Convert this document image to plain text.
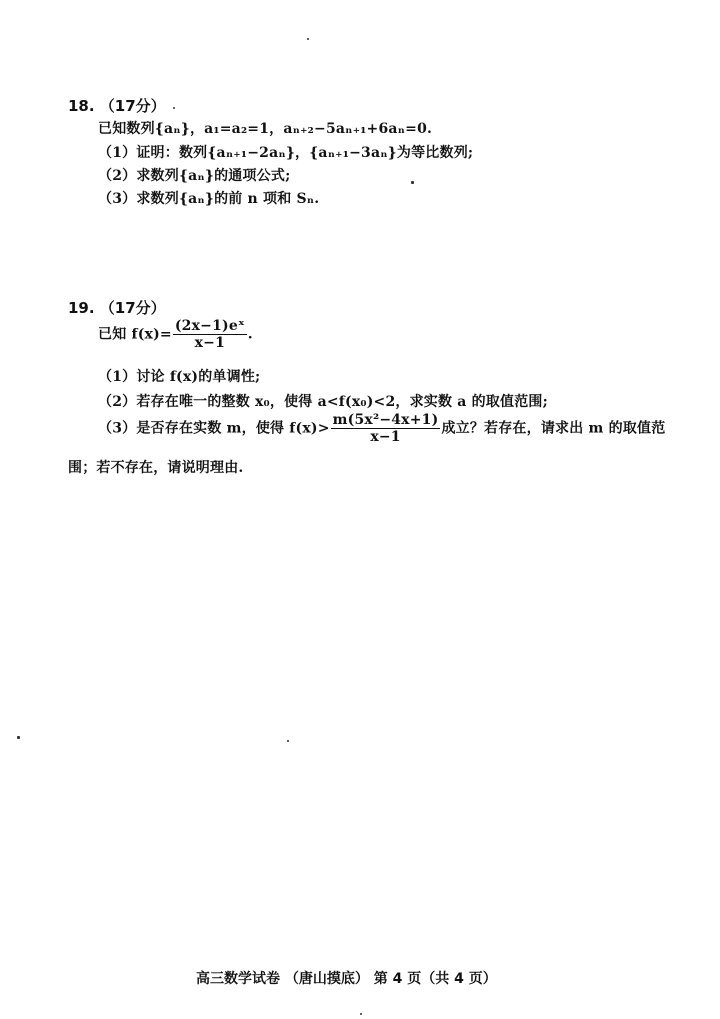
18. （17分）
已知数列{aₙ}，a₁=a₂=1，aₙ₊₂−5aₙ₊₁+6aₙ=0.
（1）证明：数列{aₙ₊₁−2aₙ}，{aₙ₊₁−3aₙ}为等比数列;
（2）求数列{aₙ}的通项公式;
（3）求数列{aₙ}的前 n 项和 Sₙ.
19. （17分）
已知 $f(x)= \frac{\text{(2x−1)eˣ}}{x-1}$ .
（1）讨论 f(x)的单调性;
（2）若存在唯一的整数 x₀，使得 a<f(x₀)<2，求实数 a 的取值范围;
（3）是否存在实数 m，使得 $f(x)> \frac{\text{m(5x²−4x+1)}}{x-1}$ 成立？若存在，请求出 m 的取值范
围；若不存在，请说明理由.
高三数学试卷 （唐山摸底） 第 4 页（共 4 页）
